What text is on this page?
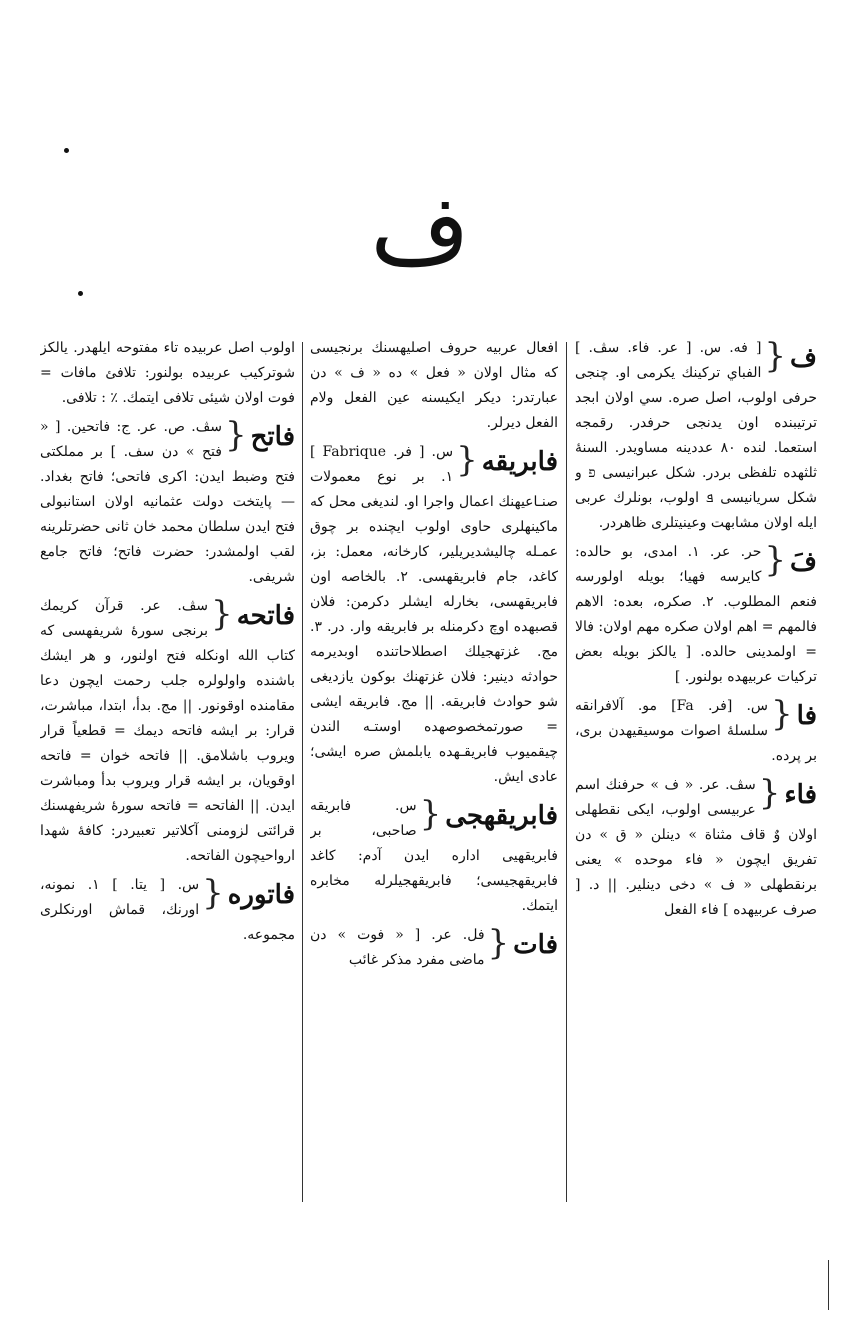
ف
ف
{
[ فه. س. [ عر. فاء. سڤ. ] الفباي تركينك يكرمى او. چنجى حرفى اولوب، اصل صره. سي اولان ابجد ترتيبنده اون يدنجى حرفدر. رقمجه استعما. لنده ٨٠ عددينه مساويدر. السنهٔ ثلثهده تلفظى بردر. شكل عبرانيسى פ و شكل سريانيسى ܦ اولوب، بونلرك عربى ايله اولان مشابهت وعينيتلرى ظاهردر.
فَ
{
حر. عر. ١. امدى، بو حالده: كايرسه فهيا؛ بويله اولورسه فنعم المطلوب. ٢. صكره، بعده: الاهم فالمهم = اهم اولان صكره مهم اولان: فالا = اولمدينى حالده. [ يالكز بويله بعض تركيات عربيهده بولنور. ]
فا
{
س. [فر. Fa] مو. آلافرانقه سلسلهٔ اصوات موسيقيهدن برى، بر پرده.
فاء
{
سڤ. عر. « ف » حرفنك اسم عربيسى اولوب، ايكى نقطهلى اولان وٌ قاف مثناة » دينلن « ق » دن تفريق ايچون « فاء موحده » يعنى برنقطهلى « ف » دخى دينلير. || د. [ صرف عربيهده ] فاء الفعل
افعال عربيه حروف اصليهسنك برنجيسى كه مثال اولان « فعل » ده « ف » دن عبارتدر: ديكر ايكيسنه عين الفعل ولام الفعل ديرلر.
فابريقه
{
س. [ فر. Fabrique ] ١. بر نوع معمولات صنـاعيهنك اعمال واجرا او. لنديغى محل كه ماكينهلرى حاوى اولوب ايچنده بر چوق عمـله چاليشديريلير، كارخانه، معمل: بز، كاغد، جام فابريقهسى. ٢. بالخاصه اون فابريقهسى، بخارله ايشلر دكرمن: فلان قصبهده اوچ دكرمنله بر فابريقه وار. در. ٣. مج. غزتهجيلك اصطلاحاتنده اوبديرمه حوادثه دينير: فلان غزتهنك بوكون يازديغى شو حوادث فابريقه. || مج. فابريقه ايشى = صورتمخصوصهده اوستـه الندن چيقميوب فابريقـهده يابلمش صره ايشى؛ عادى ايش.
فابريقهجى
{
س. فابريقه صاحبى، بر فابريقهيى اداره ايدن آدم: كاغد فابريقهجيسى؛ فابريقهجيلرله مخابره ايتمك.
فات
{
فل. عر. [ « فوت » دن ماضى مفرد مذكر غائب
اولوب اصل عربيده تاء مفتوحه ايلهدر. يالكز شوتركيب عربيده بولنور: تلافئ مافات = فوت اولان شيئى تلافى ايتمك. ٪ : تلافى.
فاتح
{
سڤ. ص. عر. ج: فاتحين. [ « فتح » دن سف. ] بر مملكتى فتح وضبط ايدن: اكرى فاتحى؛ فاتح بغداد. — پايتخت دولت عثمانيه اولان استانبولى فتح ايدن سلطان محمد خان ثانى حضرتلرينه لقب اولمشدر: حضرت فاتح؛ فاتح جامع شريفى.
فاتحه
{
سڤ. عر. قرآن كريمك برنجى سورهٔ شريفهسى كه كتاب الله اونكله فتح اولنور، و هر ايشك باشنده واولولره جلب رحمت ايچون دعا مقامنده اوقونور. || مج. بدأ، ابتدا، مباشرت، قرار: بر ايشه فاتحه ديمك = قطعياً قرار ويروب باشلامق. || فاتحه خوان = فاتحه اوقويان، بر ايشه قرار ويروب بدأ ومباشرت ايدن. || الفاتحه = فاتحه سورهٔ شريفهسنك قرائتى لزومنى آكلاتير تعبيردر: كافهٔ شهدا ارواحيچون الفاتحه.
فاتوره
{
س. [ يتا. ] ١. نمونه، اورنك، قماش اورنكلرى مجموعه.
